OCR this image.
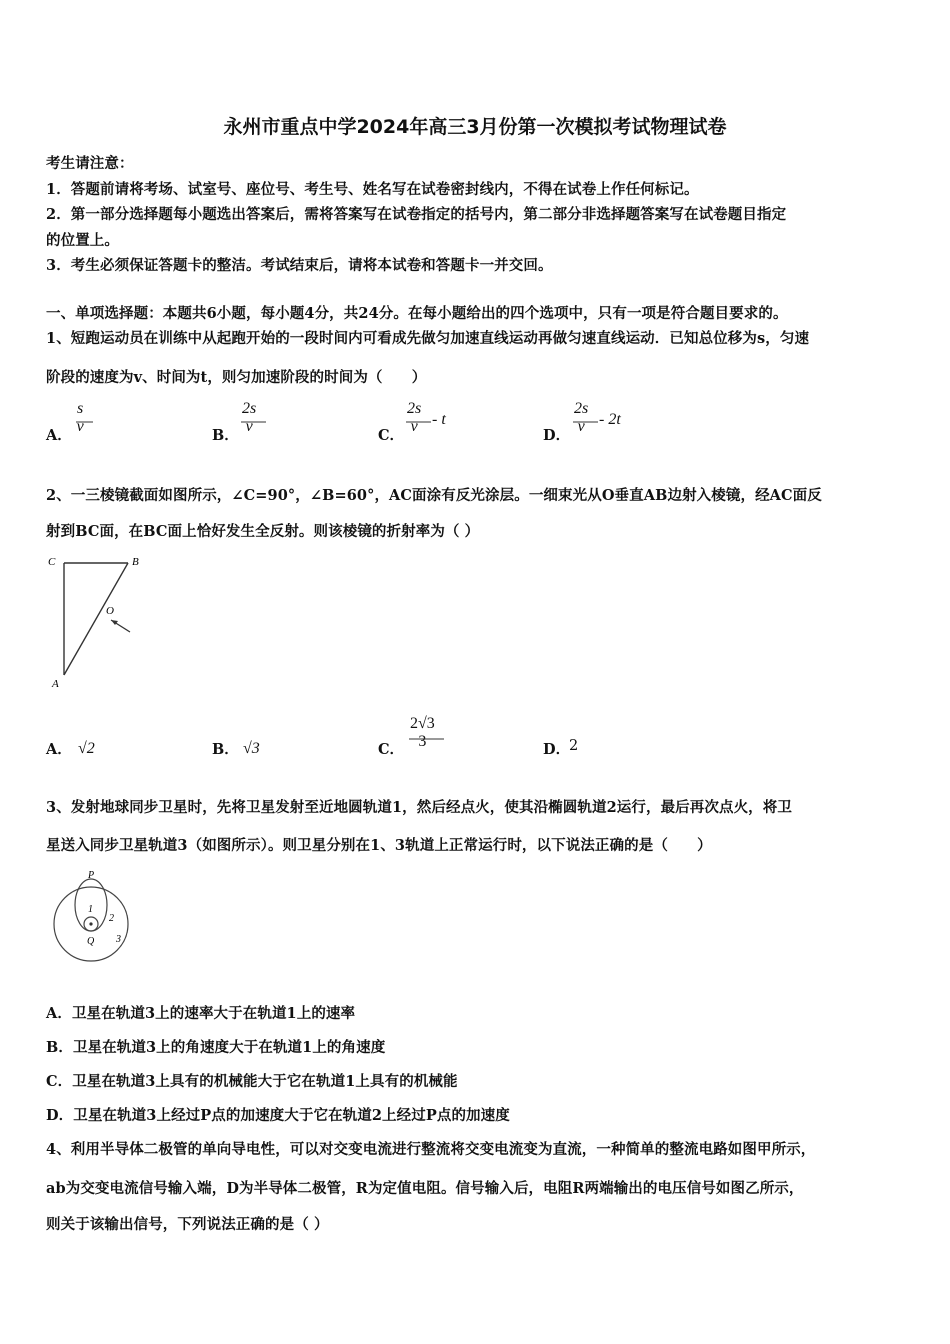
永州市重点中学2024年高三3月份第一次模拟考试物理试卷
考生请注意：
1．答题前请将考场、试室号、座位号、考生号、姓名写在试卷密封线内，不得在试卷上作任何标记。
2．第一部分选择题每小题选出答案后，需将答案写在试卷指定的括号内，第二部分非选择题答案写在试卷题目指定
的位置上。
3．考生必须保证答题卡的整洁。考试结束后，请将本试卷和答题卡一并交回。
一、单项选择题：本题共6小题，每小题4分，共24分。在每小题给出的四个选项中，只有一项是符合题目要求的。
1、短跑运动员在训练中从起跑开始的一段时间内可看成先做匀加速直线运动再做匀速直线运动．已知总位移为s，匀速
阶段的速度为v、时间为t，则匀加速阶段的时间为（　　）
A．
s
v
B．
2s
v
C．
2s
v - t
D．
2s
v - 2t
2、一三棱镜截面如图所示，∠C=90°，∠B=60°，AC面涂有反光涂层。一细束光从O垂直AB边射入棱镜，经AC面反
射到BC面，在BC面上恰好发生全反射。则该棱镜的折射率为（ ）
C	B
O
A
A． √2	B． √3	C．
2√3
3	D．
2
3、发射地球同步卫星时，先将卫星发射至近地圆轨道1，然后经点火，使其沿椭圆轨道2运行，最后再次点火，将卫
星送入同步卫星轨道3（如图所示）。则卫星分别在1、3轨道上正常运行时，以下说法正确的是（　　）
P
1
2
Q 3
A．卫星在轨道3上的速率大于在轨道1上的速率
B．卫星在轨道3上的角速度大于在轨道1上的角速度
C．卫星在轨道3上具有的机械能大于它在轨道1上具有的机械能
D．卫星在轨道3上经过P点的加速度大于它在轨道2上经过P点的加速度
4、利用半导体二极管的单向导电性，可以对交变电流进行整流将交变电流变为直流，一种简单的整流电路如图甲所示，
ab为交变电流信号输入端，D为半导体二极管，R为定值电阻。信号输入后，电阻R两端输出的电压信号如图乙所示，
则关于该输出信号，下列说法正确的是（ ）
